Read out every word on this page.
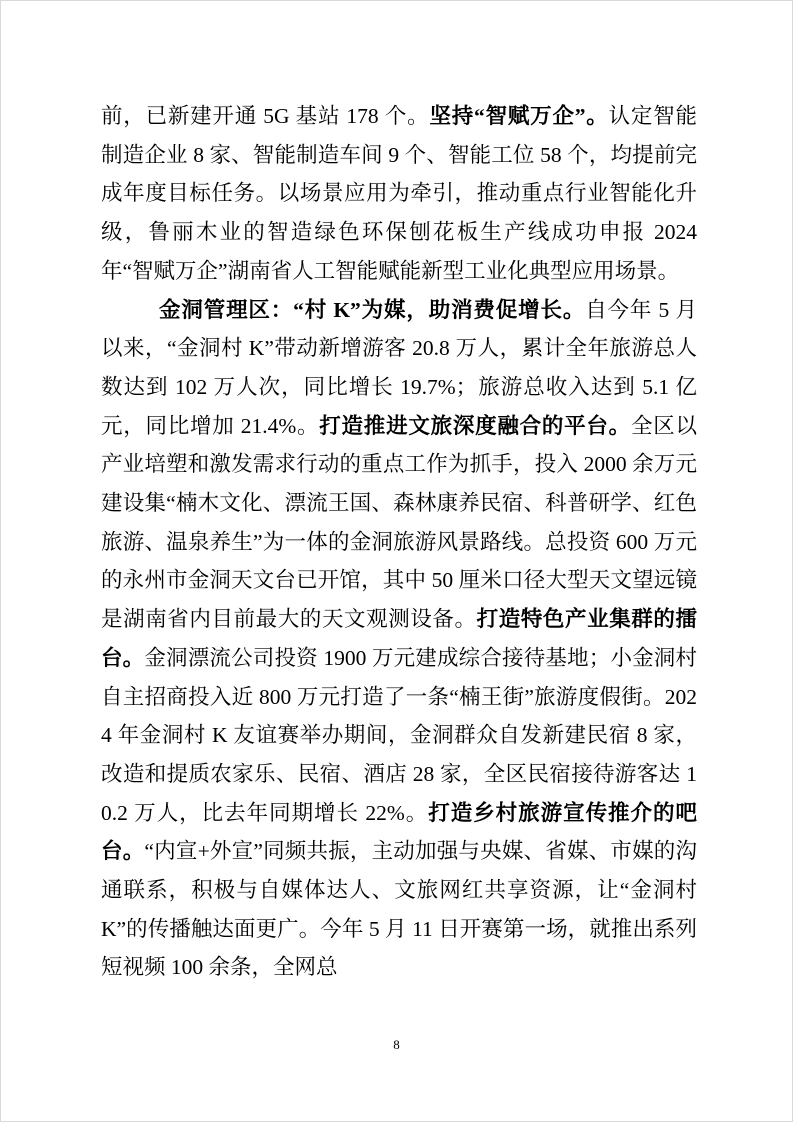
前，已新建开通 5G 基站 178 个。坚持“智赋万企”。认定智能制造企业 8 家、智能制造车间 9 个、智能工位 58 个，均提前完成年度目标任务。以场景应用为牵引，推动重点行业智能化升级，鲁丽木业的智造绿色环保刨花板生产线成功申报 2024 年“智赋万企”湖南省人工智能赋能新型工业化典型应用场景。

金洞管理区：“村 K”为媒，助消费促增长。自今年 5 月以来，“金洞村 K”带动新增游客 20.8 万人，累计全年旅游总人数达到 102 万人次，同比增长 19.7%；旅游总收入达到 5.1 亿元，同比增加 21.4%。打造推进文旅深度融合的平台。全区以产业培塑和激发需求行动的重点工作为抓手，投入 2000 余万元建设集“楠木文化、漂流王国、森林康养民宿、科普研学、红色旅游、温泉养生”为一体的金洞旅游风景路线。总投资 600 万元的永州市金洞天文台已开馆，其中 50 厘米口径大型天文望远镜是湖南省内目前最大的天文观测设备。打造特色产业集群的擂台。金洞漂流公司投资 1900 万元建成综合接待基地；小金洞村自主招商投入近 800 万元打造了一条“楠王街”旅游度假街。2024 年金洞村 K 友谊赛举办期间，金洞群众自发新建民宿 8 家，改造和提质农家乐、民宿、酒店 28 家，全区民宿接待游客达 10.2 万人，比去年同期增长 22%。打造乡村旅游宣传推介的吧台。“内宣+外宣”同频共振，主动加强与央媒、省媒、市媒的沟通联系，积极与自媒体达人、文旅网红共享资源，让“金洞村 K”的传播触达面更广。今年 5 月 11 日开赛第一场，就推出系列短视频 100 余条，全网总

8
